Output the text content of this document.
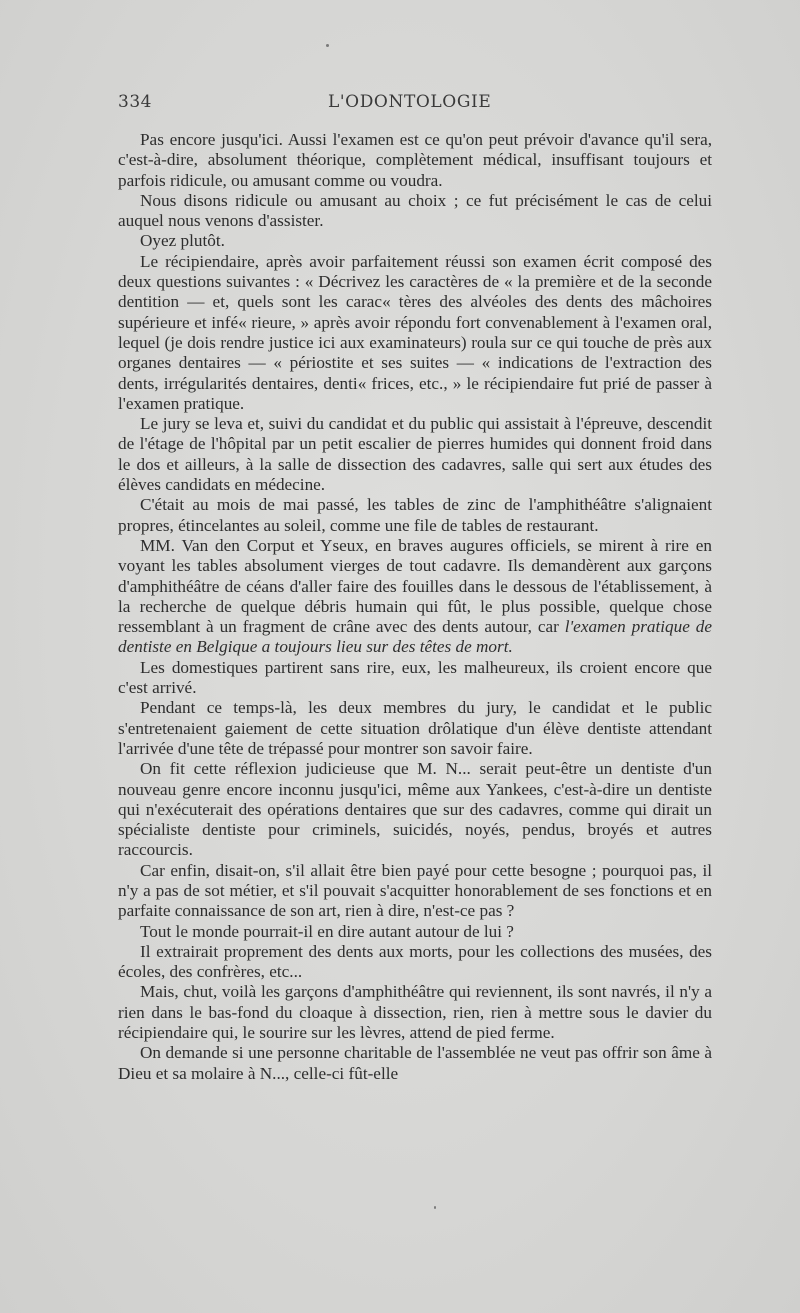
334	L'ODONTOLOGIE

Pas encore jusqu'ici. Aussi l'examen est ce qu'on peut prévoir d'avance qu'il sera, c'est-à-dire, absolument théorique, complètement médical, insuffisant toujours et parfois ridicule, ou amusant comme ou voudra.

Nous disons ridicule ou amusant au choix ; ce fut précisément le cas de celui auquel nous venons d'assister.

Oyez plutôt.

Le récipiendaire, après avoir parfaitement réussi son examen écrit composé des deux questions suivantes : « Décrivez les caractères de « la première et de la seconde dentition — et, quels sont les carac« tères des alvéoles des dents des mâchoires supérieure et infé« rieure, » après avoir répondu fort convenablement à l'examen oral, lequel (je dois rendre justice ici aux examinateurs) roula sur ce qui touche de près aux organes dentaires — « périostite et ses suites — « indications de l'extraction des dents, irrégularités dentaires, denti« frices, etc., » le récipiendaire fut prié de passer à l'examen pratique.

Le jury se leva et, suivi du candidat et du public qui assistait à l'épreuve, descendit de l'étage de l'hôpital par un petit escalier de pierres humides qui donnent froid dans le dos et ailleurs, à la salle de dissection des cadavres, salle qui sert aux études des élèves candidats en médecine.

C'était au mois de mai passé, les tables de zinc de l'amphithéâtre s'alignaient propres, étincelantes au soleil, comme une file de tables de restaurant.

MM. Van den Corput et Yseux, en braves augures officiels, se mirent à rire en voyant les tables absolument vierges de tout cadavre. Ils demandèrent aux garçons d'amphithéâtre de céans d'aller faire des fouilles dans le dessous de l'établissement, à la recherche de quelque débris humain qui fût, le plus possible, quelque chose ressemblant à un fragment de crâne avec des dents autour, car l'examen pratique de dentiste en Belgique a toujours lieu sur des têtes de mort.

Les domestiques partirent sans rire, eux, les malheureux, ils croient encore que c'est arrivé.

Pendant ce temps-là, les deux membres du jury, le candidat et le public s'entretenaient gaiement de cette situation drôlatique d'un élève dentiste attendant l'arrivée d'une tête de trépassé pour montrer son savoir faire.

On fit cette réflexion judicieuse que M. N... serait peut-être un dentiste d'un nouveau genre encore inconnu jusqu'ici, même aux Yankees, c'est-à-dire un dentiste qui n'exécuterait des opérations dentaires que sur des cadavres, comme qui dirait un spécialiste dentiste pour criminels, suicidés, noyés, pendus, broyés et autres raccourcis.

Car enfin, disait-on, s'il allait être bien payé pour cette besogne ; pourquoi pas, il n'y a pas de sot métier, et s'il pouvait s'acquitter honorablement de ses fonctions et en parfaite connaissance de son art, rien à dire, n'est-ce pas ?

Tout le monde pourrait-il en dire autant autour de lui ?

Il extrairait proprement des dents aux morts, pour les collections des musées, des écoles, des confrères, etc...

Mais, chut, voilà les garçons d'amphithéâtre qui reviennent, ils sont navrés, il n'y a rien dans le bas-fond du cloaque à dissection, rien, rien à mettre sous le davier du récipiendaire qui, le sourire sur les lèvres, attend de pied ferme.

On demande si une personne charitable de l'assemblée ne veut pas offrir son âme à Dieu et sa molaire à N..., celle-ci fût-elle
